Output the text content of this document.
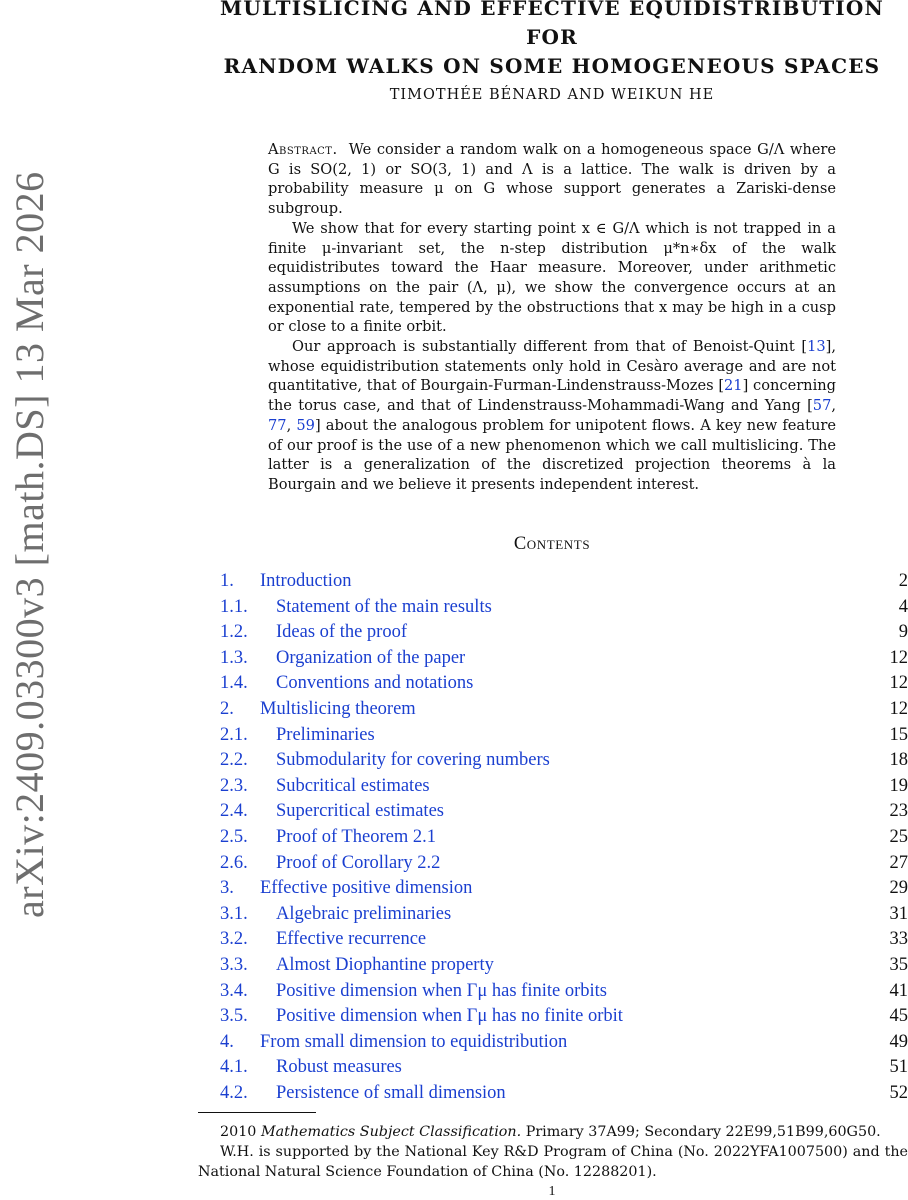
arXiv:2409.03300v3 [math.DS] 13 Mar 2026
MULTISLICING AND EFFECTIVE EQUIDISTRIBUTION FOR
RANDOM WALKS ON SOME HOMOGENEOUS SPACES
TIMOTHÉE BÉNARD AND WEIKUN HE

Abstract. We consider a random walk on a homogeneous space G/Λ where G is SO(2, 1) or SO(3, 1) and Λ is a lattice. The walk is driven by a probability measure μ on G whose support generates a Zariski-dense subgroup.

We show that for every starting point x ∈ G/Λ which is not trapped in a finite μ-invariant set, the n-step distribution μ*n∗δx of the walk equidistributes toward the Haar measure. Moreover, under arithmetic assumptions on the pair (Λ, μ), we show the convergence occurs at an exponential rate, tempered by the obstructions that x may be high in a cusp or close to a finite orbit.

Our approach is substantially different from that of Benoist-Quint [13], whose equidistribution statements only hold in Cesàro average and are not quantitative, that of Bourgain-Furman-Lindenstrauss-Mozes [21] concerning the torus case, and that of Lindenstrauss-Mohammadi-Wang and Yang [57, 77, 59] about the analogous problem for unipotent flows. A key new feature of our proof is the use of a new phenomenon which we call multislicing. The latter is a generalization of the discretized projection theorems à la Bourgain and we believe it presents independent interest.

Contents
1.	Introduction	2
1.1.	Statement of the main results	4
1.2.	Ideas of the proof	9
1.3.	Organization of the paper	12
1.4.	Conventions and notations	12
2.	Multislicing theorem	12
2.1.	Preliminaries	15
2.2.	Submodularity for covering numbers	18
2.3.	Subcritical estimates	19
2.4.	Supercritical estimates	23
2.5.	Proof of Theorem 2.1	25
2.6.	Proof of Corollary 2.2	27
3.	Effective positive dimension	29
3.1.	Algebraic preliminaries	31
3.2.	Effective recurrence	33
3.3.	Almost Diophantine property	35
3.4.	Positive dimension when Γμ has finite orbits	41
3.5.	Positive dimension when Γμ has no finite orbit	45
4.	From small dimension to equidistribution	49
4.1.	Robust measures	51
4.2.	Persistence of small dimension	52

2010 Mathematics Subject Classification. Primary 37A99; Secondary 22E99,51B99,60G50.

W.H. is supported by the National Key R&D Program of China (No. 2022YFA1007500) and the National Natural Science Foundation of China (No. 12288201).

1
